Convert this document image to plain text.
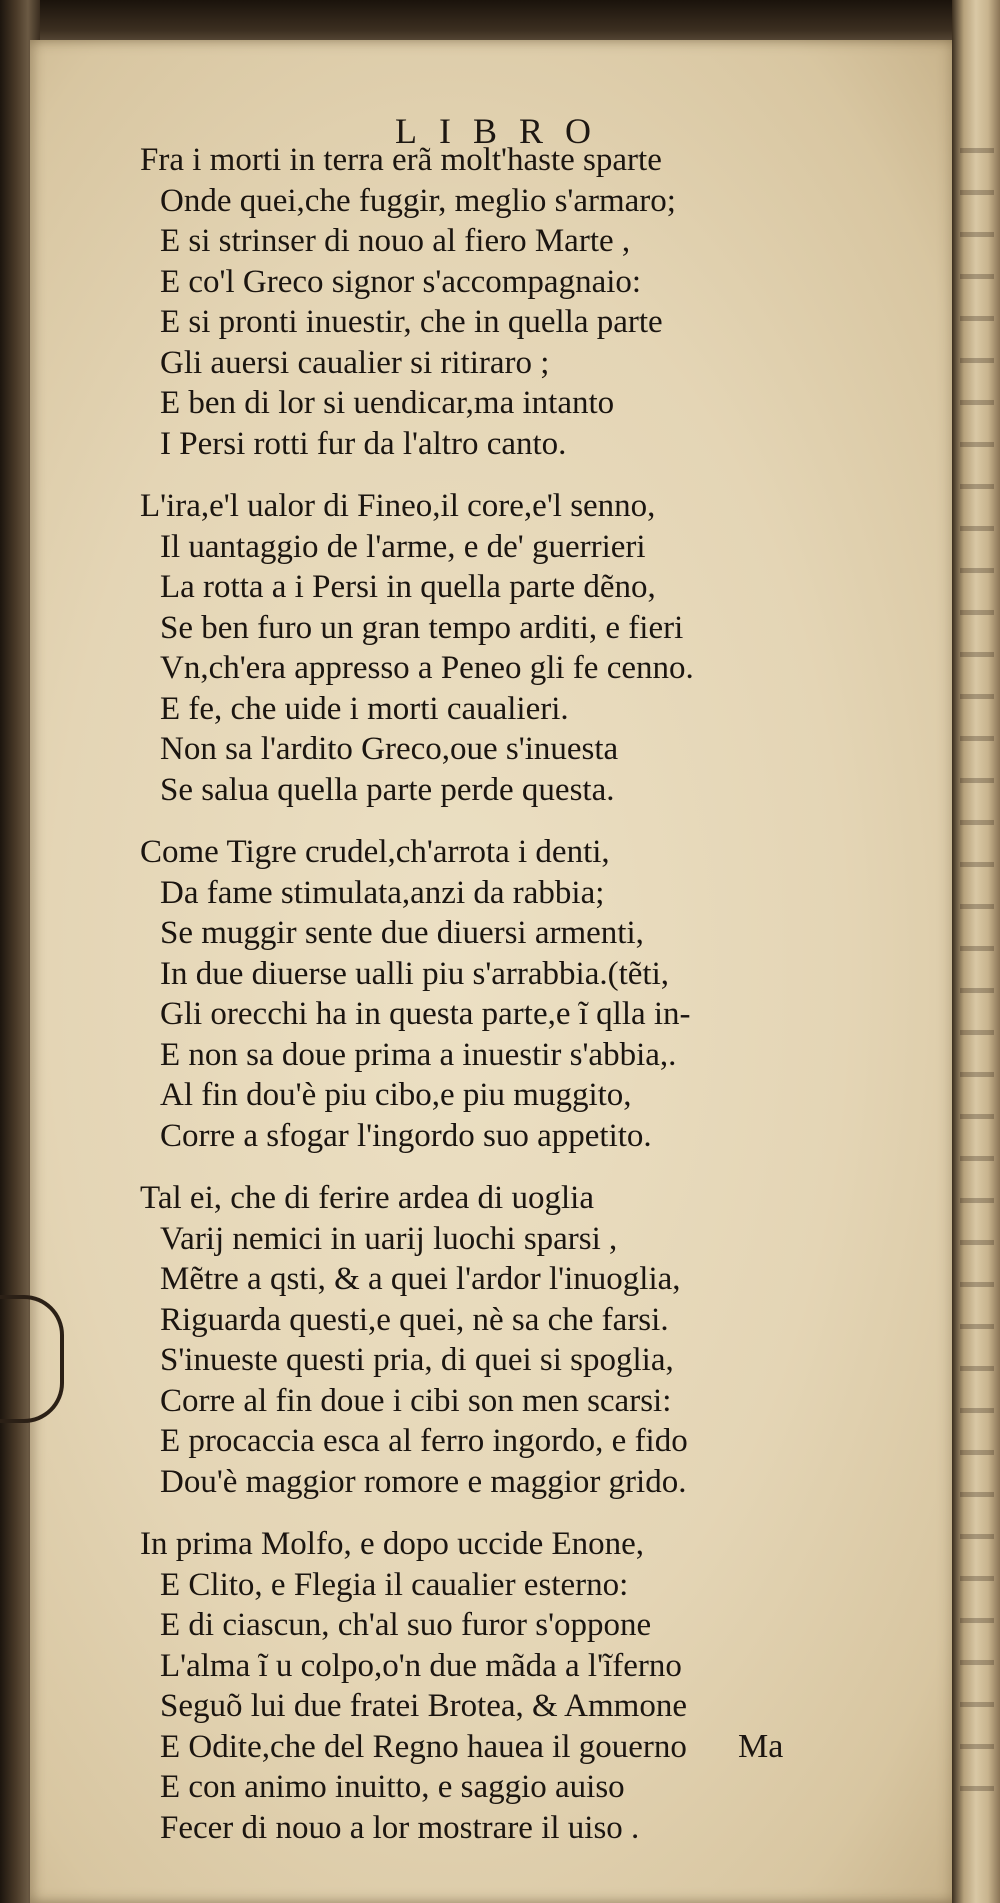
LIBRO
Fra i morti in terra erã molt'haste sparte
Onde quei,che fuggir, meglio s'armaro;
E si strinser di nouo al fiero Marte ,
E co'l Greco signor s'accompagnaio:
E si pronti inuestir, che in quella parte
Gli auersi caualier si ritiraro ;
E ben di lor si uendicar,ma intanto
I Persi rotti fur da l'altro canto.
L'ira,e'l ualor di Fineo,il core,e'l senno,
Il uantaggio de l'arme, e de' guerrieri
La rotta a i Persi in quella parte dẽno,
Se ben furo un gran tempo arditi, e fieri
Vn,ch'era appresso a Peneo gli fe cenno.
E fe, che uide i morti caualieri.
Non sa l'ardito Greco,oue s'inuesta
Se salua quella parte perde questa.
Come Tigre crudel,ch'arrota i denti,
Da fame stimulata,anzi da rabbia;
Se muggir sente due diuersi armenti,
In due diuerse ualli piu s'arrabbia.(tẽti,
Gli orecchi ha in questa parte,e ĩ qlla in-
E non sa doue prima a inuestir s'abbia,.
Al fin dou'è piu cibo,e piu muggito,
Corre a sfogar l'ingordo suo appetito.
Tal ei, che di ferire ardea di uoglia
Varij nemici in uarij luochi sparsi ,
Mẽtre a qsti, & a quei l'ardor l'inuoglia,
Riguarda questi,e quei, nè sa che farsi.
S'inueste questi pria, di quei si spoglia,
Corre al fin doue i cibi son men scarsi:
E procaccia esca al ferro ingordo, e fido
Dou'è maggior romore e maggior grido.
In prima Molfo, e dopo uccide Enone,
E Clito, e Flegia il caualier esterno:
E di ciascun, ch'al suo furor s'oppone
L'alma ĩ u colpo,o'n due mãda a l'ĩferno
Seguõ lui due fratei Brotea, & Ammone
E Odite,che del Regno hauea il gouerno
E con animo inuitto, e saggio auiso
Fecer di nouo a lor mostrare il uiso .
Ma
